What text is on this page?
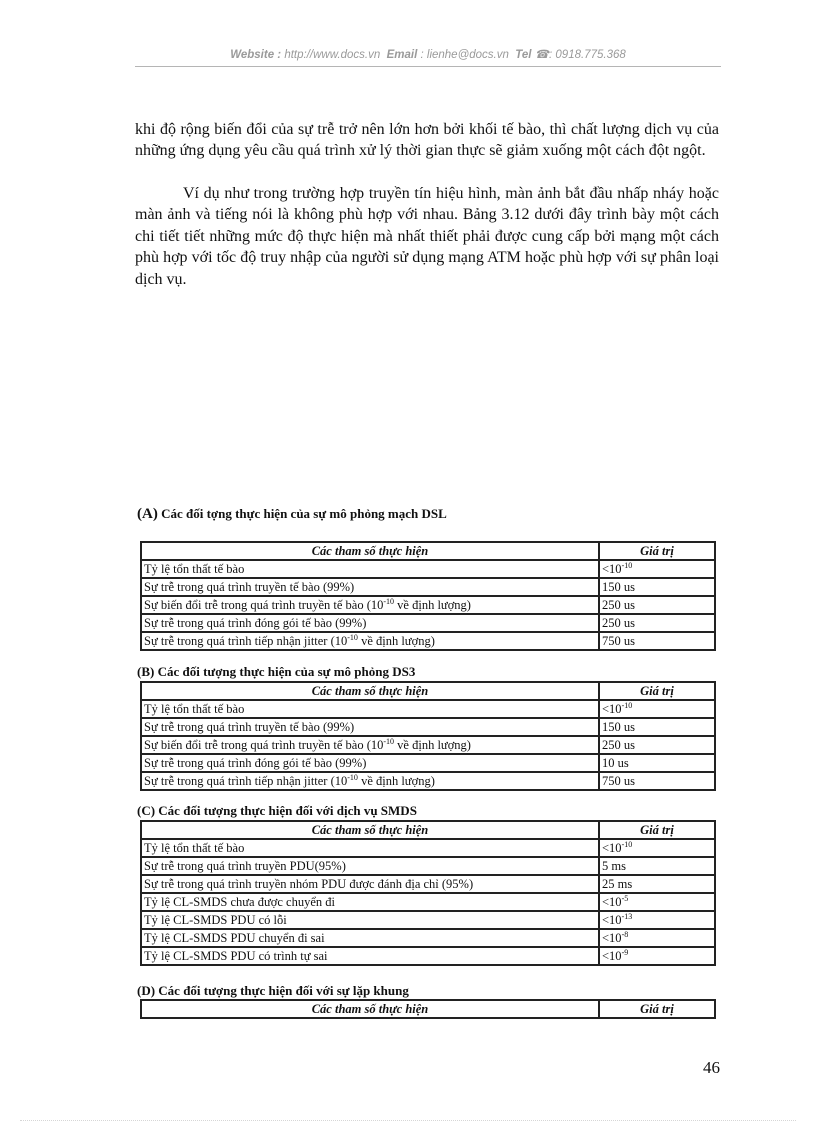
Website : http://www.docs.vn Email : lienhe@docs.vn Tel ☎: 0918.775.368

khi độ rộng biến đổi của sự trễ trở nên lớn hơn bởi khối tế bào, thì chất lượng dịch vụ của những ứng dụng yêu cầu quá trình xử lý thời gian thực sẽ giảm xuống một cách đột ngột.

Ví dụ như trong trường hợp truyền tín hiệu hình, màn ảnh bắt đầu nhấp nháy hoặc màn ảnh và tiếng nói là không phù hợp với nhau. Bảng 3.12 dưới đây trình bày một cách chi tiết tiết những mức độ thực hiện mà nhất thiết phải được cung cấp bởi mạng một cách phù hợp với tốc độ truy nhập của người sử dụng mạng ATM hoặc phù hợp với sự phân loại dịch vụ.

(A) Các đối tợng thực hiện của sự mô phỏng mạch DSL
Các tham số thực hiện	Giá trị
Tỷ lệ tổn thất tế bào	$<10^{-10}$
Sự trễ trong quá trình truyền tế bào (99%)	150 us
Sự biến đổi trễ trong quá trình truyền tế bào ($10^{-10}$ về định lượng)	250 us
Sự trễ trong quá trình đóng gói tế bào (99%)	250 us
Sự trễ trong quá trình tiếp nhận jitter ($10^{-10}$ về định lượng)	750 us
(B) Các đối tượng thực hiện của sự mô phỏng DS3
Các tham số thực hiện	Giá trị
Tỷ lệ tổn thất tế bào	$<10^{-10}$
Sự trễ trong quá trình truyền tế bào (99%)	150 us
Sự biến đổi trễ trong quá trình truyền tế bào ($10^{-10}$ về định lượng)	250 us
Sự trễ trong quá trình đóng gói tế bào (99%)	10 us
Sự trễ trong quá trình tiếp nhận jitter ($10^{-10}$ về định lượng)	750 us
(C) Các đối tượng thực hiện đối với dịch vụ SMDS
Các tham số thực hiện	Giá trị
Tỷ lệ tổn thất tế bào	$<10^{-10}$
Sự trễ trong quá trình truyền PDU(95%)	5 ms
Sự trễ trong quá trình truyền nhóm PDU được đánh địa chỉ (95%)	25 ms
Tỷ lệ CL-SMDS chưa được chuyển đi	$<10^{-5}$
Tỷ lệ CL-SMDS PDU có lỗi	$<10^{-13}$
Tỷ lệ CL-SMDS PDU chuyển đi sai	$<10^{-8}$
Tỷ lệ CL-SMDS PDU có trình tự sai	$<10^{-9}$
(D) Các đối tượng thực hiện đối với sự lặp khung
Các tham số thực hiện	Giá trị
46
